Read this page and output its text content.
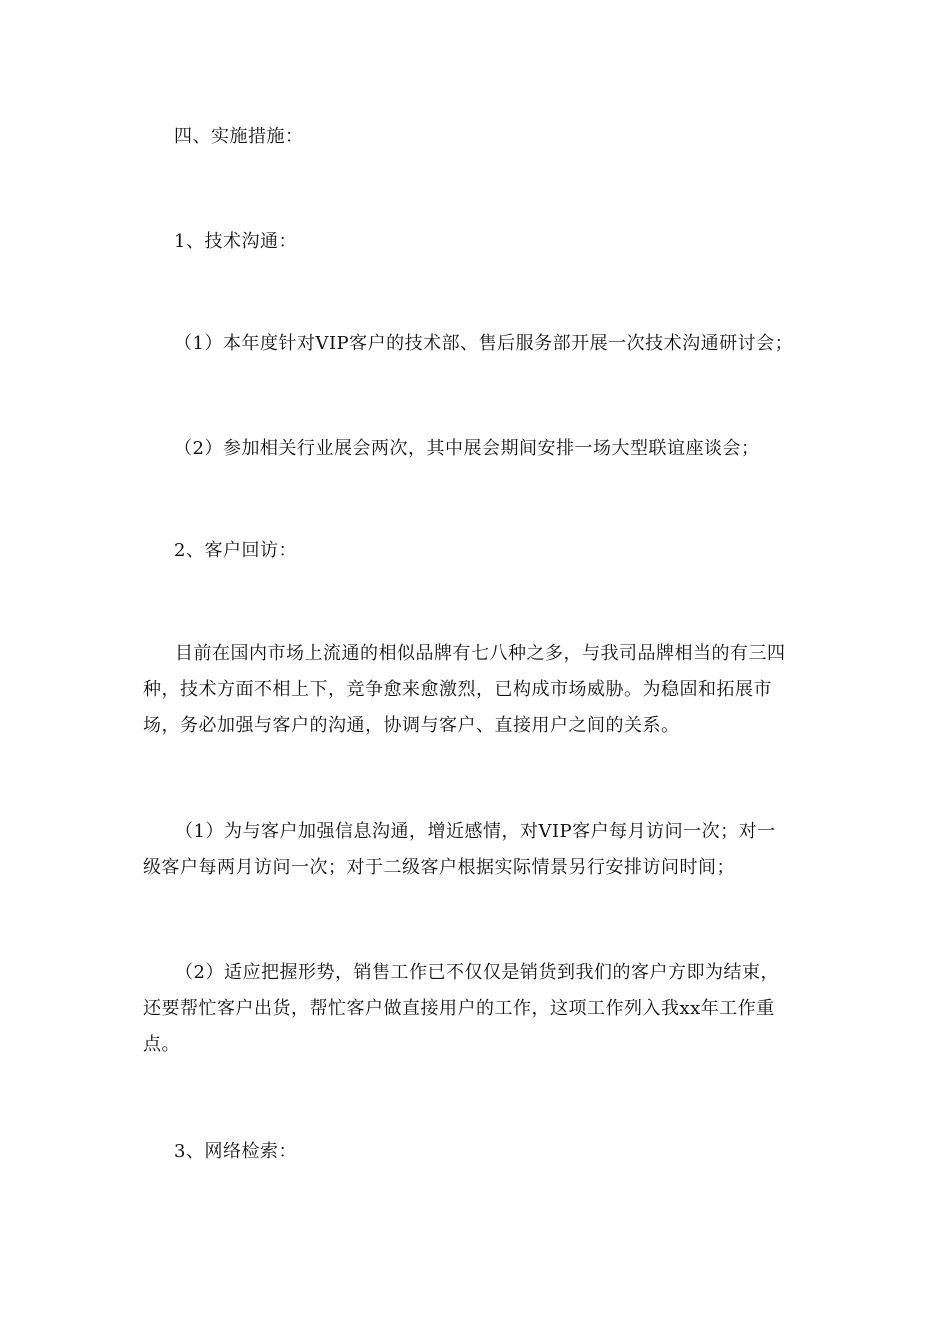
四、实施措施：
1、技术沟通：
（1）本年度针对VIP客户的技术部、售后服务部开展一次技术沟通研讨会；
（2）参加相关行业展会两次，其中展会期间安排一场大型联谊座谈会；
2、客户回访：
目前在国内市场上流通的相似品牌有七八种之多，与我司品牌相当的有三四
种，技术方面不相上下，竞争愈来愈激烈，已构成市场威胁。为稳固和拓展市
场，务必加强与客户的沟通，协调与客户、直接用户之间的关系。
（1）为与客户加强信息沟通，增近感情，对VIP客户每月访问一次；对一
级客户每两月访问一次；对于二级客户根据实际情景另行安排访问时间；
（2）适应把握形势，销售工作已不仅仅是销货到我们的客户方即为结束，
还要帮忙客户出货，帮忙客户做直接用户的工作，这项工作列入我xx年工作重
点。
3、网络检索：
